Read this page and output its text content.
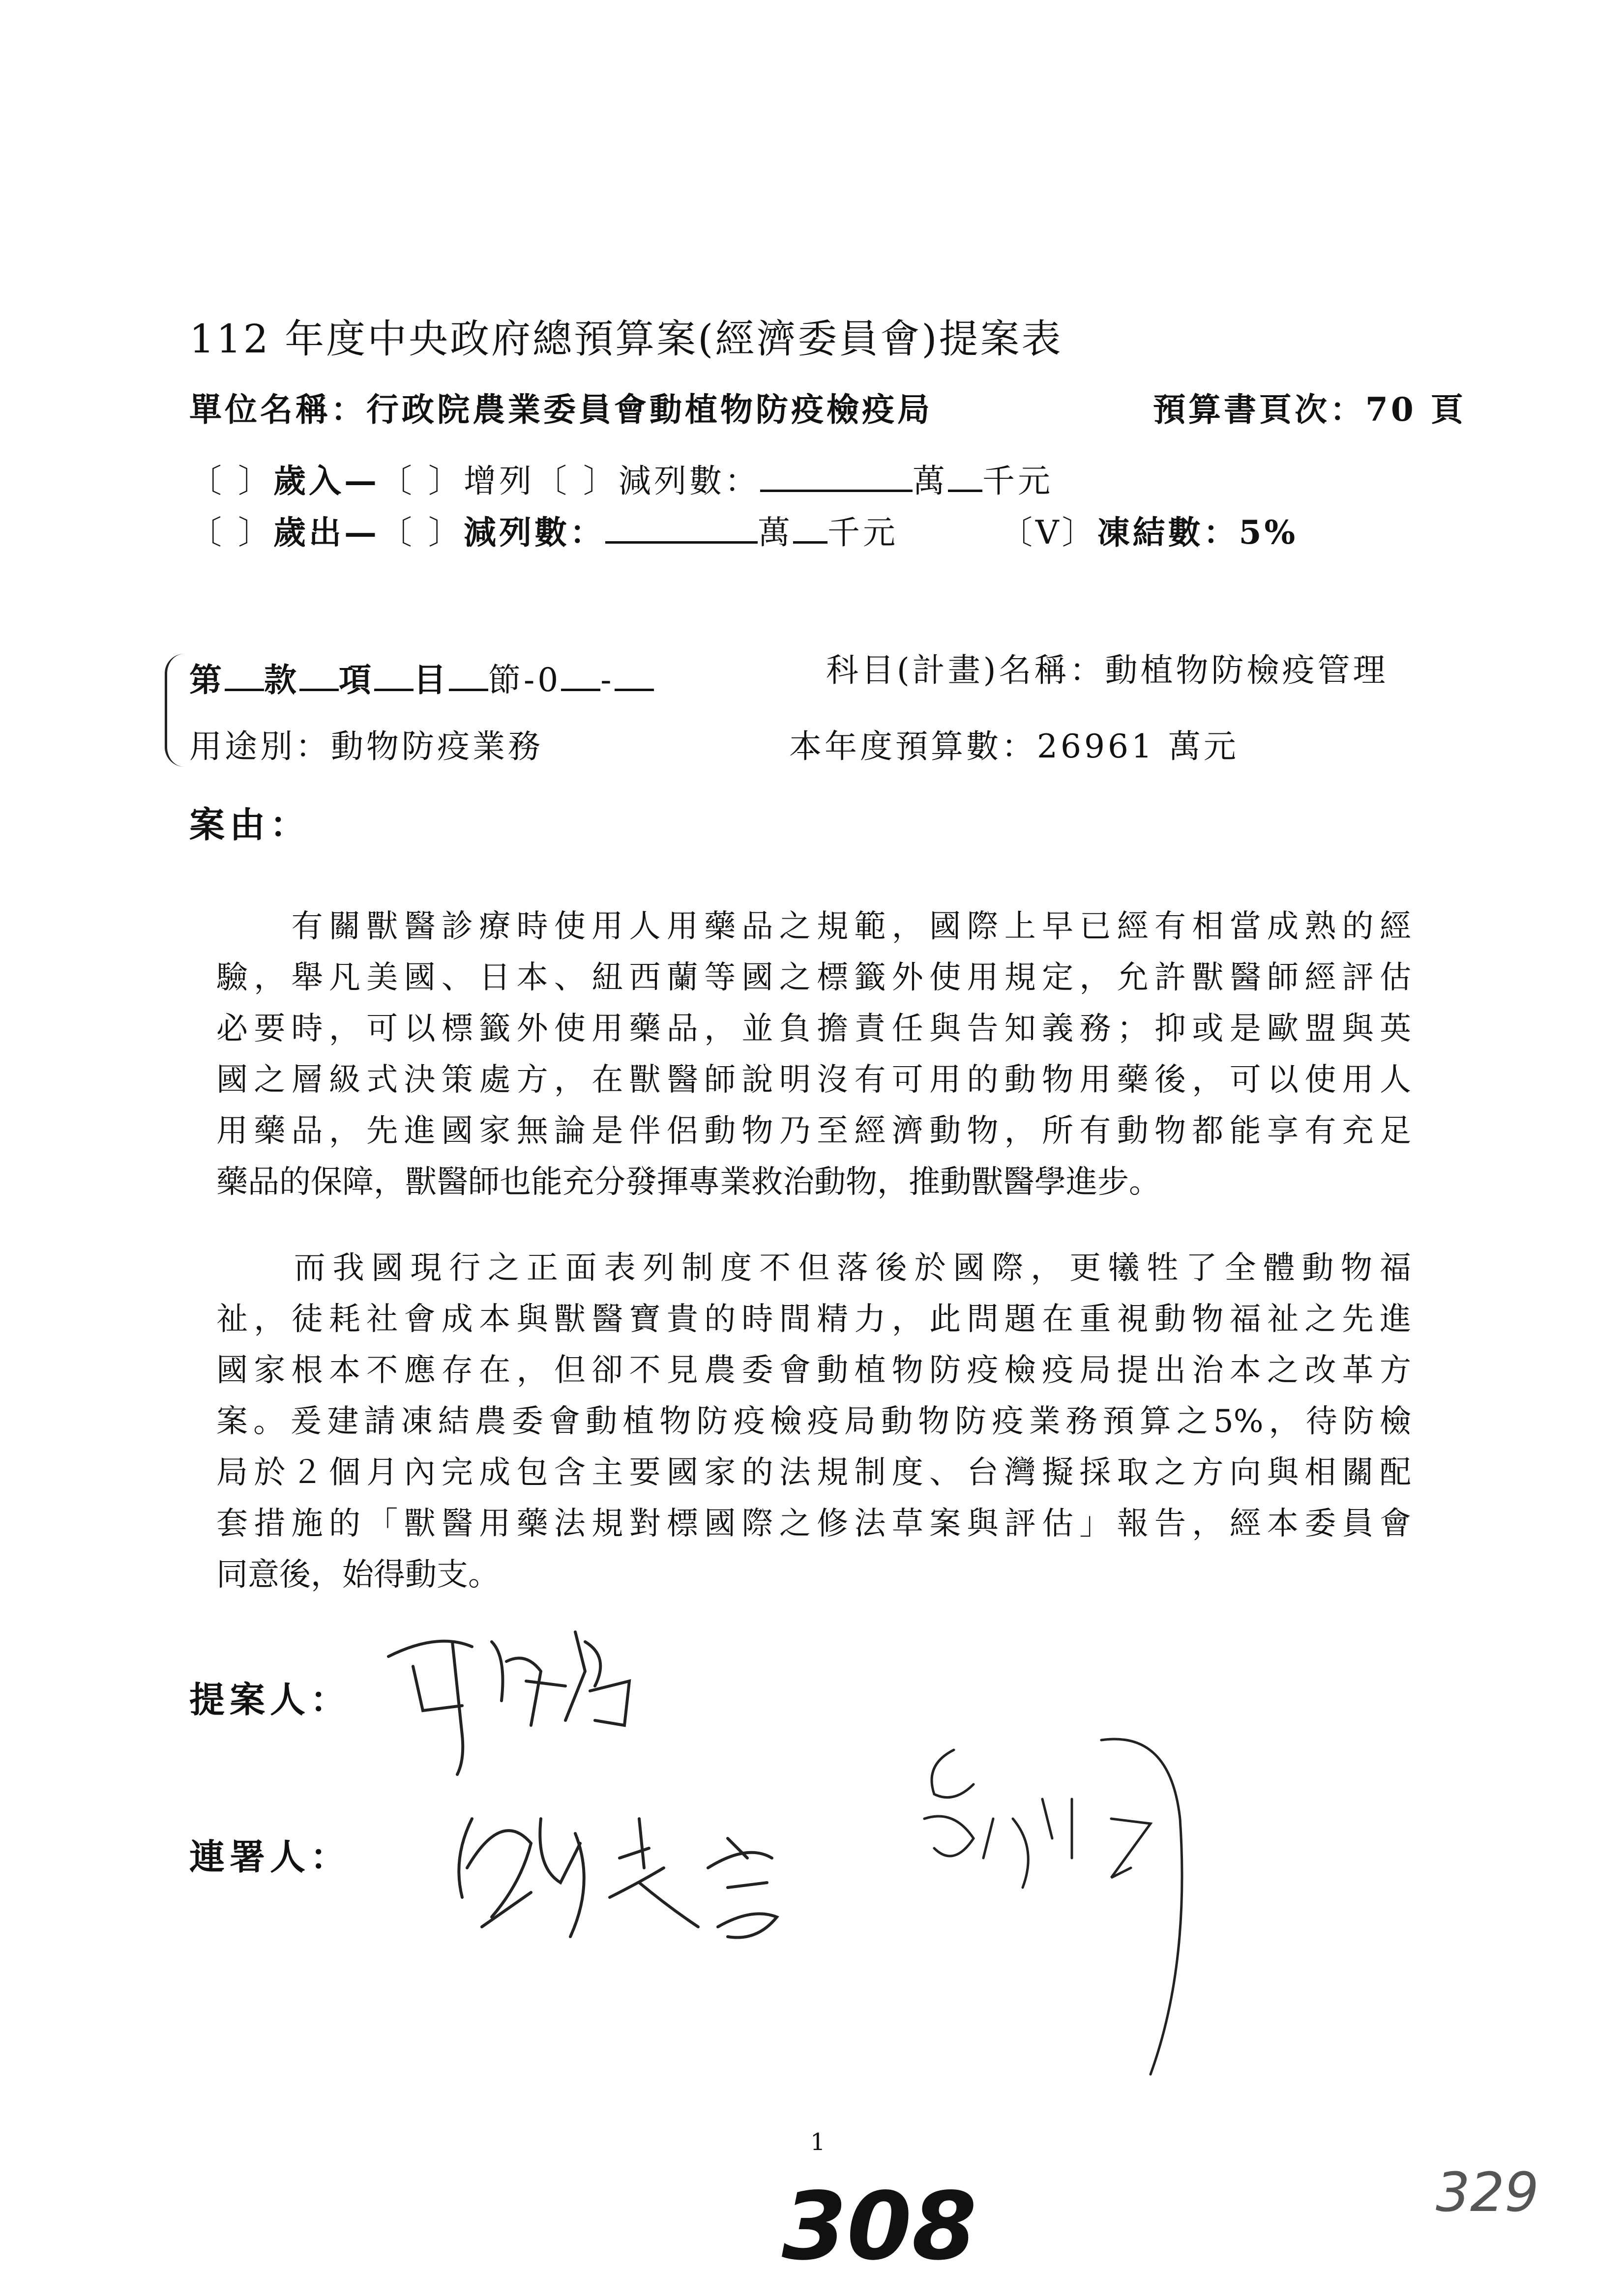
112 年度中央政府總預算案(經濟委員會)提案表
單位名稱：行政院農業委員會動植物防疫檢疫局	預算書頁次：70 頁
〔 〕歲入—〔 〕增列〔 〕減列數：	萬 千元
〔 〕歲出—〔 〕減列數：	萬 千元	〔V〕凍結數：5%
第 款 項 目 節-0 -	科目(計畫)名稱：動植物防檢疫管理
用途別：動物防疫業務	本年度預算數：26961 萬元
案由：
　　有關獸醫診療時使用人用藥品之規範，國際上早已經有相當成熟的經
驗，舉凡美國、日本、紐西蘭等國之標籤外使用規定，允許獸醫師經評估
必要時，可以標籤外使用藥品，並負擔責任與告知義務；抑或是歐盟與英
國之層級式決策處方，在獸醫師說明沒有可用的動物用藥後，可以使用人
用藥品，先進國家無論是伴侶動物乃至經濟動物，所有動物都能享有充足
藥品的保障，獸醫師也能充分發揮專業救治動物，推動獸醫學進步。
　　而我國現行之正面表列制度不但落後於國際，更犧牲了全體動物福
祉，徒耗社會成本與獸醫寶貴的時間精力，此問題在重視動物福祉之先進
國家根本不應存在，但卻不見農委會動植物防疫檢疫局提出治本之改革方
案。爰建請凍結農委會動植物防疫檢疫局動物防疫業務預算之5%，待防檢
局於２個月內完成包含主要國家的法規制度、台灣擬採取之方向與相關配
套措施的「獸醫用藥法規對標國際之修法草案與評估」報告，經本委員會
同意後，始得動支。
提案人：
連署人：
1
308	329
